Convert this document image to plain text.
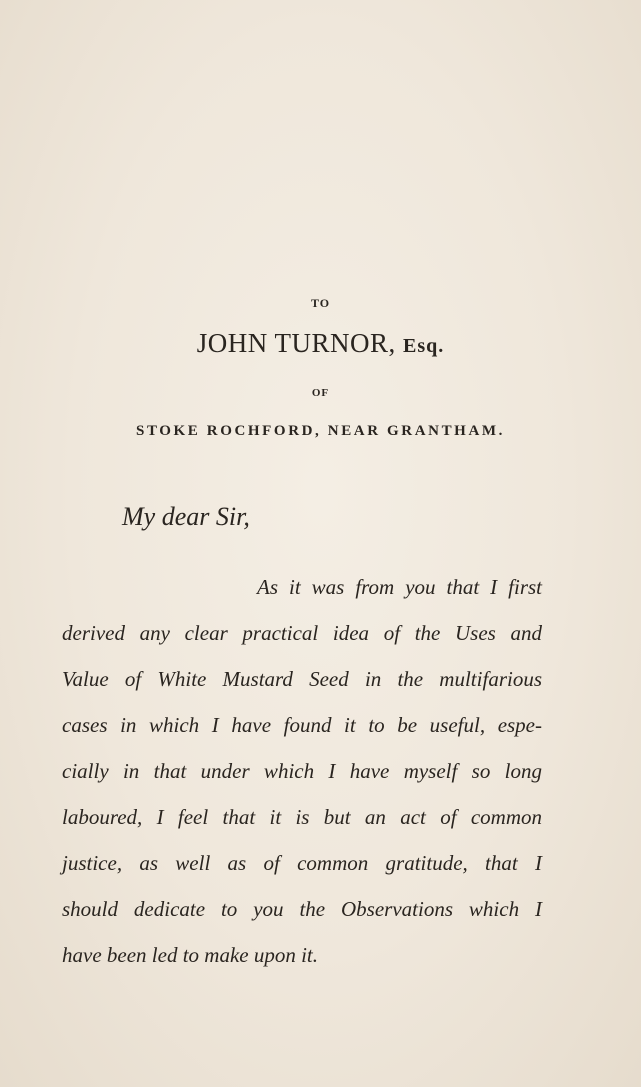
TO
JOHN TURNOR, Esq.
OF
STOKE ROCHFORD, NEAR GRANTHAM.
My dear Sir,
As it was from you that I first
derived any clear practical idea of the Uses and
Value of White Mustard Seed in the multifarious
cases in which I have found it to be useful, espe-
cially in that under which I have myself so long
laboured, I feel that it is but an act of common
justice, as well as of common gratitude, that I
should dedicate to you the Observations which I
have been led to make upon it.
